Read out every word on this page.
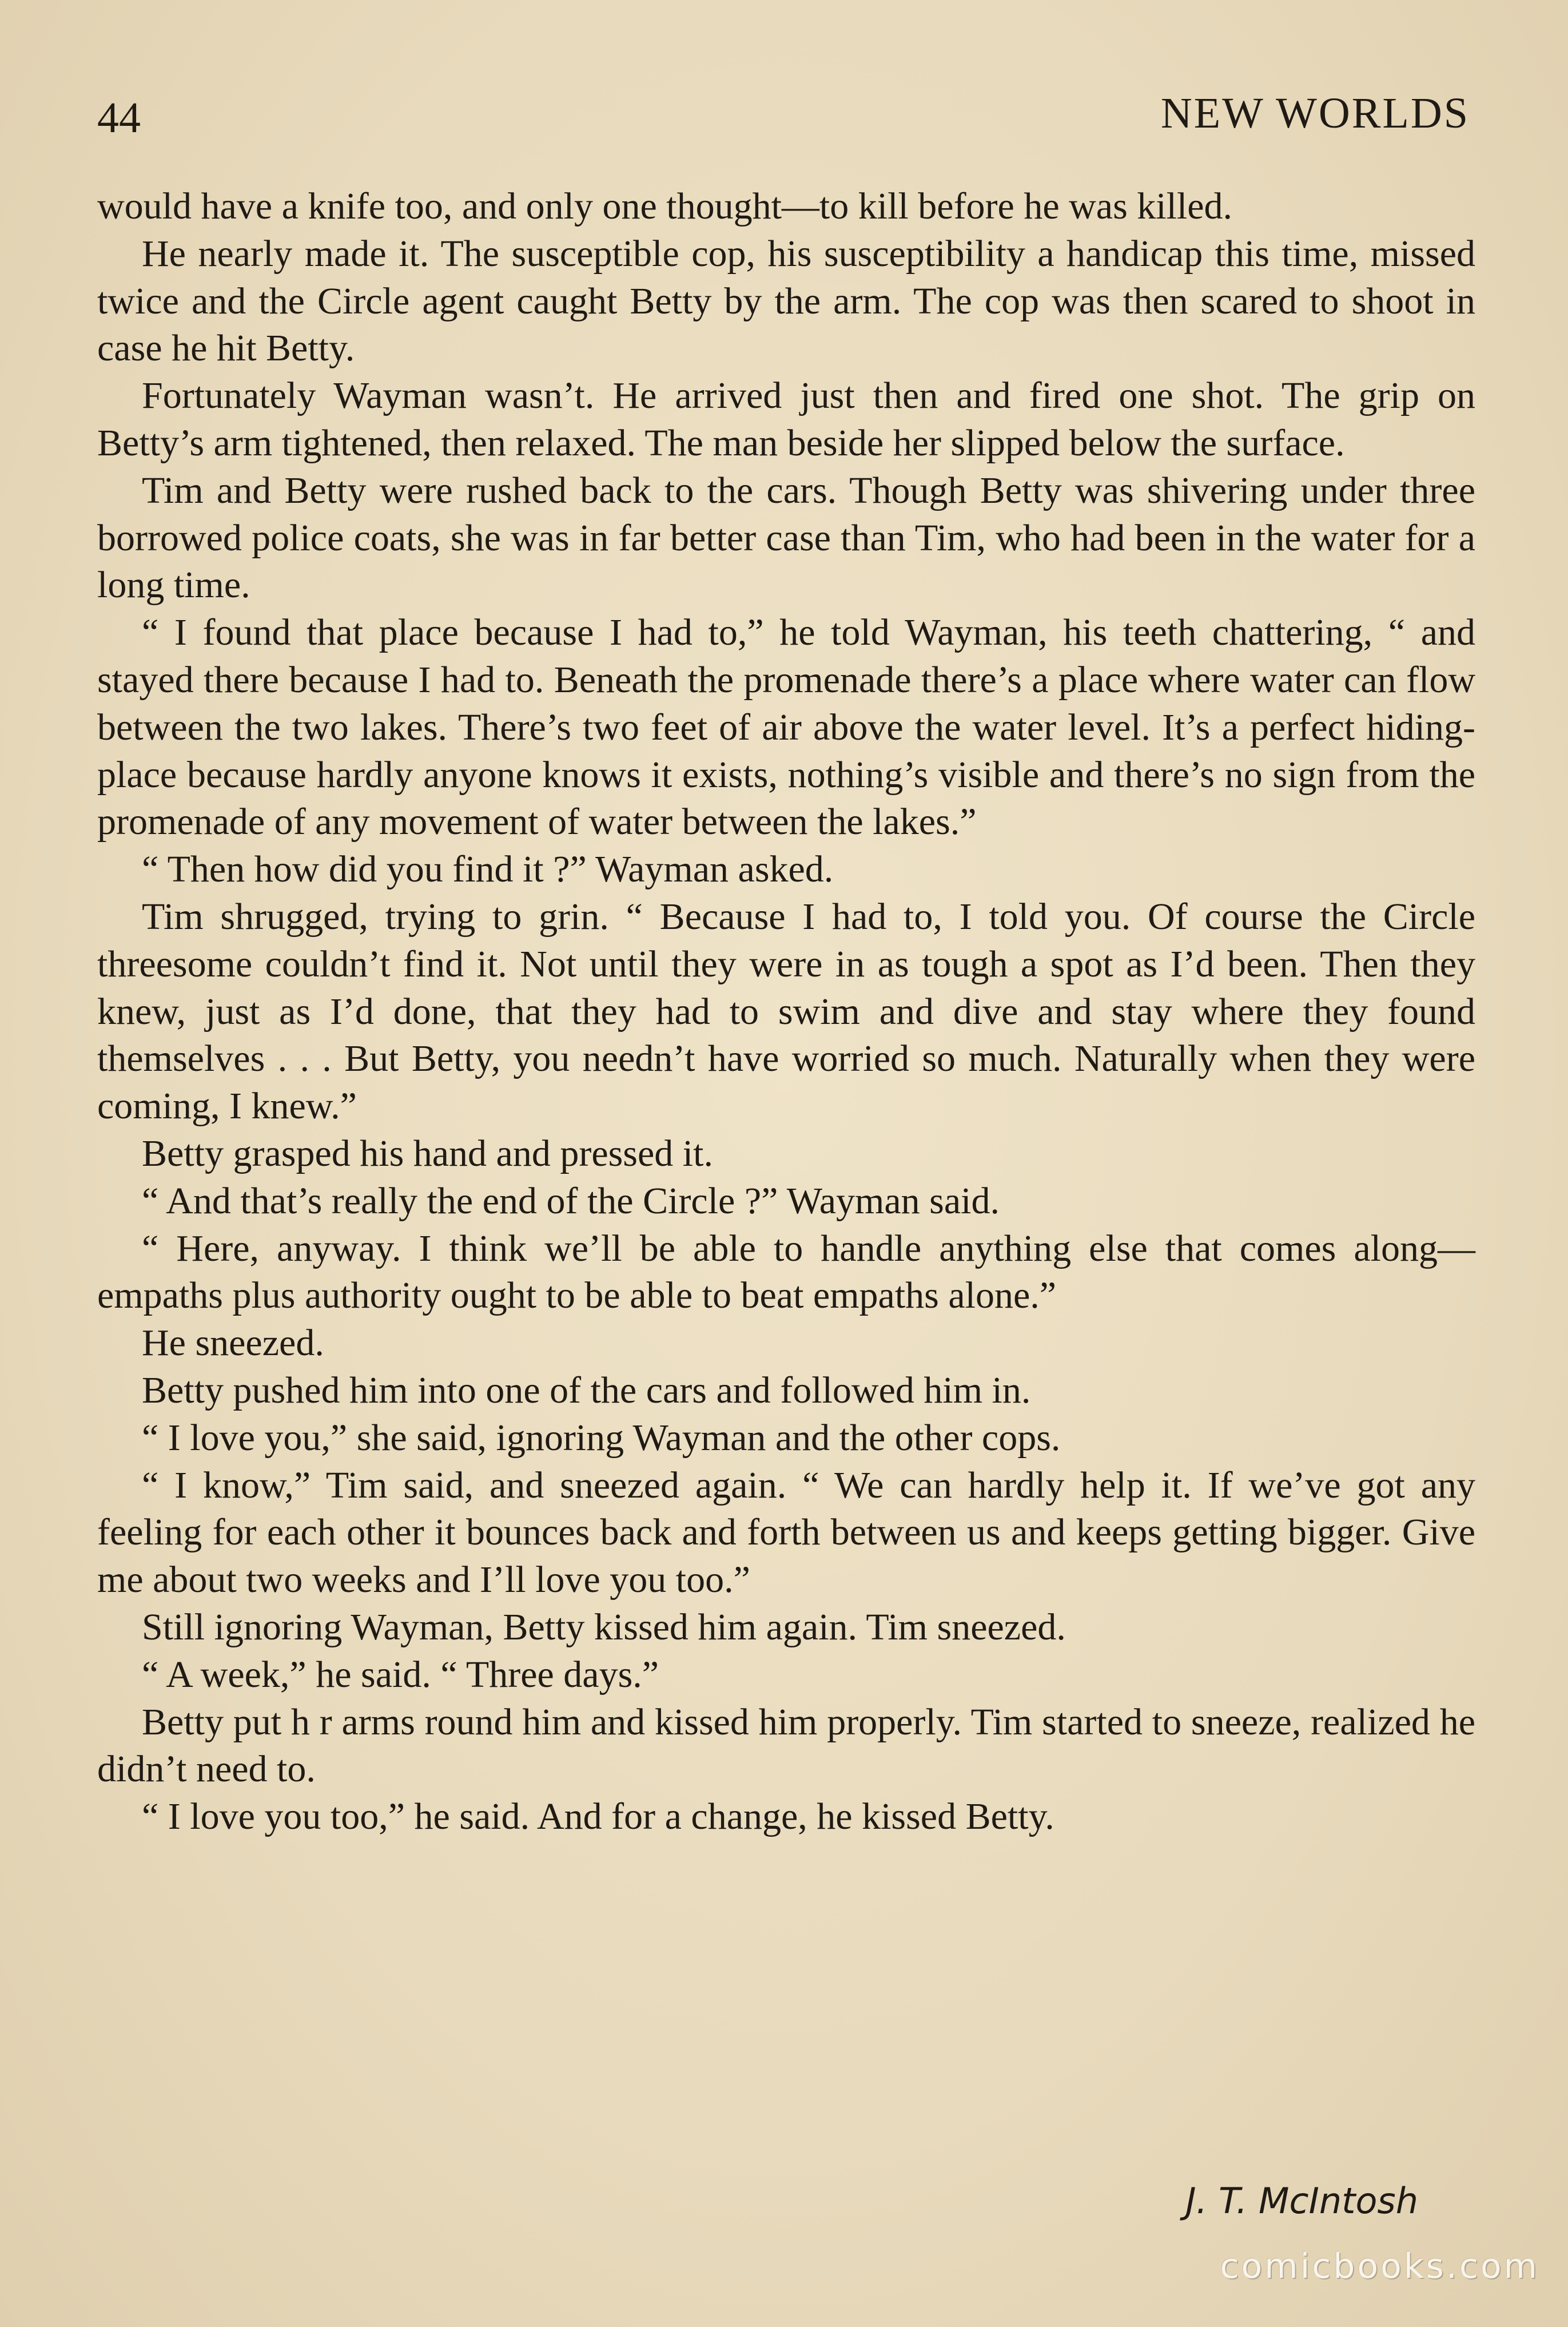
44	NEW WORLDS

would have a knife too, and only one thought—to kill before he was killed.

He nearly made it. The susceptible cop, his susceptibility a handicap this time, missed twice and the Circle agent caught Betty by the arm. The cop was then scared to shoot in case he hit Betty.

Fortunately Wayman wasn’t. He arrived just then and fired one shot. The grip on Betty’s arm tightened, then relaxed. The man beside her slipped below the surface.

Tim and Betty were rushed back to the cars. Though Betty was shivering under three borrowed police coats, she was in far better case than Tim, who had been in the water for a long time.

“ I found that place because I had to,” he told Wayman, his teeth chattering, “ and stayed there because I had to. Beneath the promenade there’s a place where water can flow between the two lakes. There’s two feet of air above the water level. It’s a perfect hiding-place because hardly anyone knows it exists, nothing’s visible and there’s no sign from the promenade of any movement of water between the lakes.”

“ Then how did you find it ?” Wayman asked.

Tim shrugged, trying to grin. “ Because I had to, I told you. Of course the Circle threesome couldn’t find it. Not until they were in as tough a spot as I’d been. Then they knew, just as I’d done, that they had to swim and dive and stay where they found themselves . . . But Betty, you needn’t have worried so much. Naturally when they were coming, I knew.”

Betty grasped his hand and pressed it.

“ And that’s really the end of the Circle ?” Wayman said.

“ Here, anyway. I think we’ll be able to handle anything else that comes along—empaths plus authority ought to be able to beat empaths alone.”

He sneezed.

Betty pushed him into one of the cars and followed him in.

“ I love you,” she said, ignoring Wayman and the other cops.

“ I know,” Tim said, and sneezed again. “ We can hardly help it. If we’ve got any feeling for each other it bounces back and forth between us and keeps getting bigger. Give me about two weeks and I’ll love you too.”

Still ignoring Wayman, Betty kissed him again. Tim sneezed.

“ A week,” he said. “ Three days.”

Betty put h r arms round him and kissed him properly. Tim started to sneeze, realized he didn’t need to.

“ I love you too,” he said. And for a change, he kissed Betty.

J. T. McIntosh
comicbooks.com
